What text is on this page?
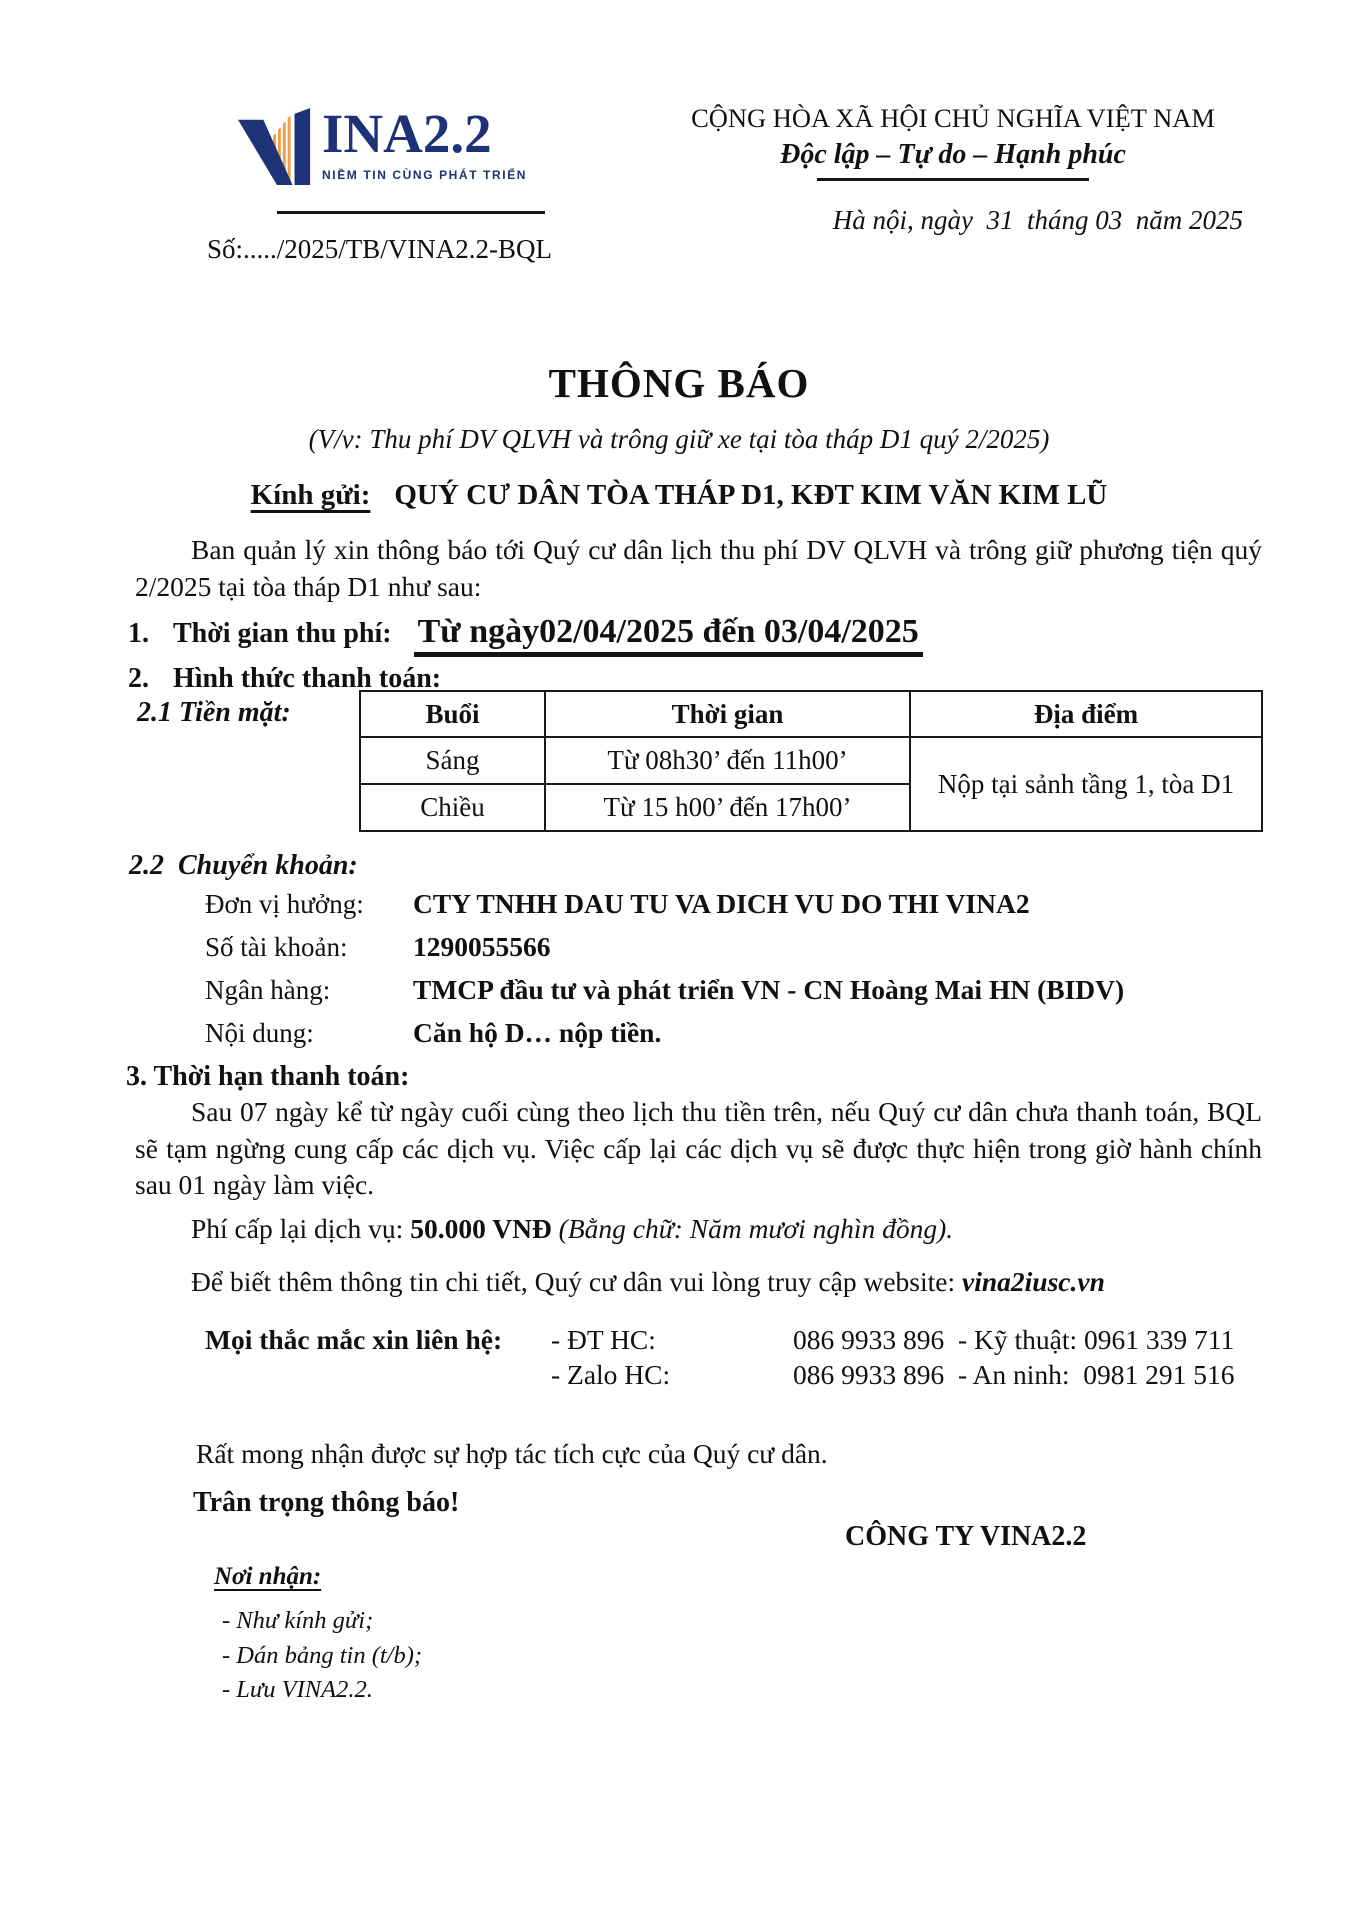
INA2.2
NIỀM TIN CÙNG PHÁT TRIỂN
Số:...../2025/TB/VINA2.2-BQL
CỘNG HÒA XÃ HỘI CHỦ NGHĨA VIỆT NAM
Độc lập – Tự do – Hạnh phúc
Hà nội, ngày  31  tháng 03  năm 2025
THÔNG BÁO
(V/v: Thu phí DV QLVH và trông giữ xe tại tòa tháp D1 quý 2/2025)
Kính gửi: QUÝ CƯ DÂN TÒA THÁP D1, KĐT KIM VĂN KIM LŨ
Ban quản lý xin thông báo tới Quý cư dân lịch thu phí DV QLVH và trông giữ phương tiện quý 2/2025 tại tòa tháp D1 như sau:
1. Thời gian thu phí: Từ ngày02/04/2025 đến 03/04/2025
2. Hình thức thanh toán:
2.1 Tiền mặt:	Buổi	Thời gian	Địa điểm
Sáng	Từ 08h30’ đến 11h00’	Nộp tại sảnh tầng 1, tòa D1
Chiều	Từ 15 h00’ đến 17h00’	
2.2  Chuyển khoản:
Đơn vị hưởng:	CTY TNHH DAU TU VA DICH VU DO THI VINA2
Số tài khoản:	1290055566
Ngân hàng:	TMCP đầu tư và phát triển VN - CN Hoàng Mai HN (BIDV)
Nội dung:	Căn hộ D… nộp tiền.
3. Thời hạn thanh toán:
Sau 07 ngày kể từ ngày cuối cùng theo lịch thu tiền trên, nếu Quý cư dân chưa thanh toán, BQL sẽ tạm ngừng cung cấp các dịch vụ. Việc cấp lại các dịch vụ sẽ được thực hiện trong giờ hành chính sau 01 ngày làm việc.
Phí cấp lại dịch vụ: 50.000 VNĐ (Bằng chữ: Năm mươi nghìn đồng).
Để biết thêm thông tin chi tiết, Quý cư dân vui lòng truy cập website: vina2iusc.vn
Mọi thắc mắc xin liên hệ:	- ĐT HC:	086 9933 896  - Kỹ thuật: 0961 339 711
- Zalo HC:	086 9933 896  - An ninh:  0981 291 516
Rất mong nhận được sự hợp tác tích cực của Quý cư dân.
Trân trọng thông báo!
CÔNG TY VINA2.2
Nơi nhận:
- Như kính gửi;
- Dán bảng tin (t/b);
- Lưu VINA2.2.
